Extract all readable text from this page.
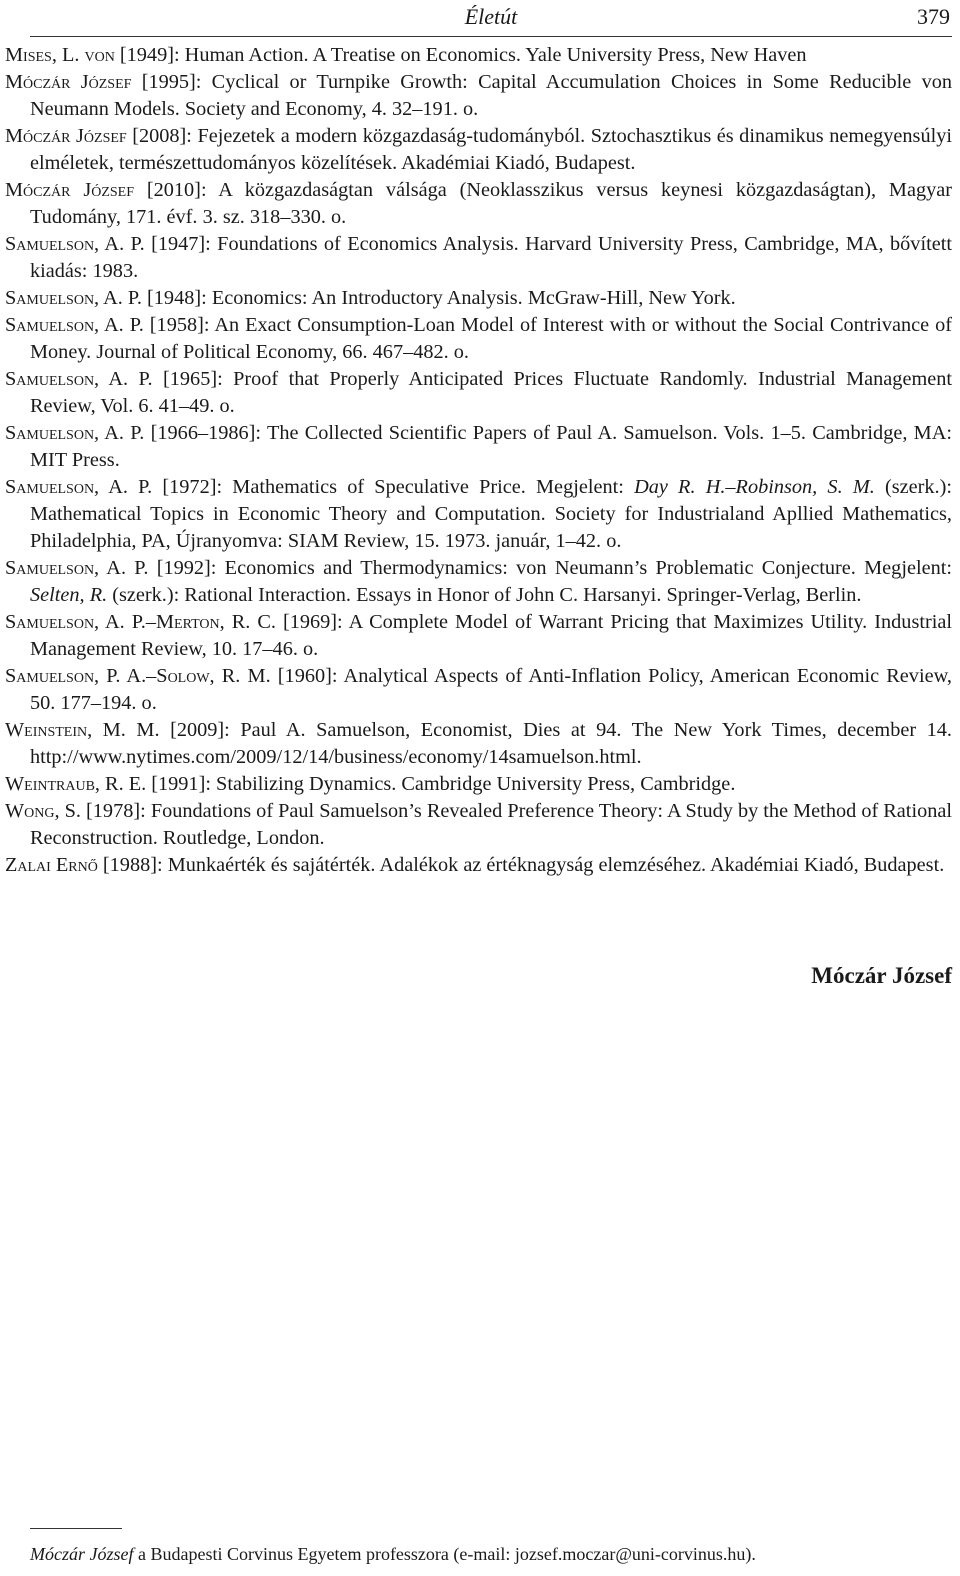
Életút	379
Mises, L. von [1949]: Human Action. A Treatise on Economics. Yale University Press, New Haven
Móczár József [1995]: Cyclical or Turnpike Growth: Capital Accumulation Choices in Some Reducible von Neumann Models. Society and Economy, 4. 32–191. o.
Móczár József [2008]: Fejezetek a modern közgazdaság-tudományból. Sztochasztikus és dinamikus nemegyensúlyi elméletek, természettudományos közelítések. Akadémiai Kiadó, Budapest.
Móczár József [2010]: A közgazdaságtan válsága (Neoklasszikus versus keynesi közgazdaságtan), Magyar Tudomány, 171. évf. 3. sz. 318–330. o.
Samuelson, A. P. [1947]: Foundations of Economics Analysis. Harvard University Press, Cambridge, MA, bővített kiadás: 1983.
Samuelson, A. P. [1948]: Economics: An Introductory Analysis. McGraw-Hill, New York.
Samuelson, A. P. [1958]: An Exact Consumption-Loan Model of Interest with or without the Social Contrivance of Money. Journal of Political Economy, 66. 467–482. o.
Samuelson, A. P. [1965]: Proof that Properly Anticipated Prices Fluctuate Randomly. Industrial Management Review, Vol. 6. 41–49. o.
Samuelson, A. P. [1966–1986]: The Collected Scientific Papers of Paul A. Samuelson. Vols. 1–5. Cambridge, MA: MIT Press.
Samuelson, A. P. [1972]: Mathematics of Speculative Price. Megjelent: Day R. H.–Robinson, S. M. (szerk.): Mathematical Topics in Economic Theory and Computation. Society for Industrialand Apllied Mathematics, Philadelphia, PA, Újranyomva: SIAM Review, 15. 1973. január, 1–42. o.
Samuelson, A. P. [1992]: Economics and Thermodynamics: von Neumann’s Problematic Conjecture. Megjelent: Selten, R. (szerk.): Rational Interaction. Essays in Honor of John C. Harsanyi. Springer-Verlag, Berlin.
Samuelson, A. P.–Merton, R. C. [1969]: A Complete Model of Warrant Pricing that Maximizes Utility. Industrial Management Review, 10. 17–46. o.
Samuelson, P. A.–Solow, R. M. [1960]: Analytical Aspects of Anti-Inflation Policy, American Economic Review, 50. 177–194. o.
Weinstein, M. M. [2009]: Paul A. Samuelson, Economist, Dies at 94. The New York Times, december 14. http://www.nytimes.com/2009/12/14/business/economy/14samuelson.html.
Weintraub, R. E. [1991]: Stabilizing Dynamics. Cambridge University Press, Cambridge.
Wong, S. [1978]: Foundations of Paul Samuelson’s Revealed Preference Theory: A Study by the Method of Rational Reconstruction. Routledge, London.
Zalai Ernő [1988]: Munkaérték és sajátérték. Adalékok az értéknagyság elemzéséhez. Akadémiai Kiadó, Budapest.
Móczár József
Móczár József a Budapesti Corvinus Egyetem professzora (e-mail: jozsef.moczar@uni-corvinus.hu).
